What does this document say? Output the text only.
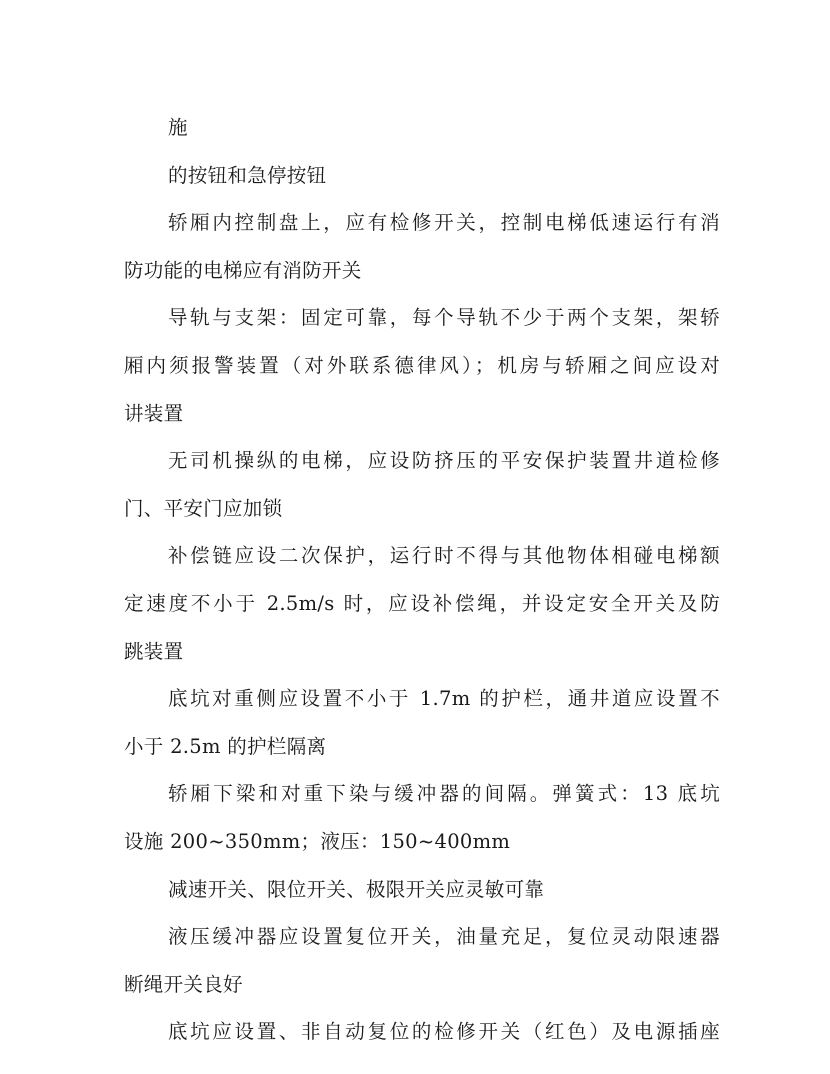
施
的按钮和急停按钮
轿厢内控制盘上，应有检修开关，控制电梯低速运行有消
防功能的电梯应有消防开关
导轨与支架：固定可靠，每个导轨不少于两个支架，架轿
厢内须报警装置（对外联系德律风）；机房与轿厢之间应设对
讲装置
无司机操纵的电梯，应设防挤压的平安保护装置井道检修
门、平安门应加锁
补偿链应设二次保护，运行时不得与其他物体相碰电梯额
定速度不小于 2.5m/s 时，应设补偿绳，并设定安全开关及防
跳装置
底坑对重侧应设置不小于 1.7m 的护栏，通井道应设置不
小于 2.5m 的护栏隔离
轿厢下梁和对重下染与缓冲器的间隔。弹簧式：13 底坑
设施 200~350mm；液压：150~400mm
减速开关、限位开关、极限开关应灵敏可靠
液压缓冲器应设置复位开关，油量充足，复位灵动限速器
断绳开关良好
底坑应设置、非自动复位的检修开关（红色）及电源插座
